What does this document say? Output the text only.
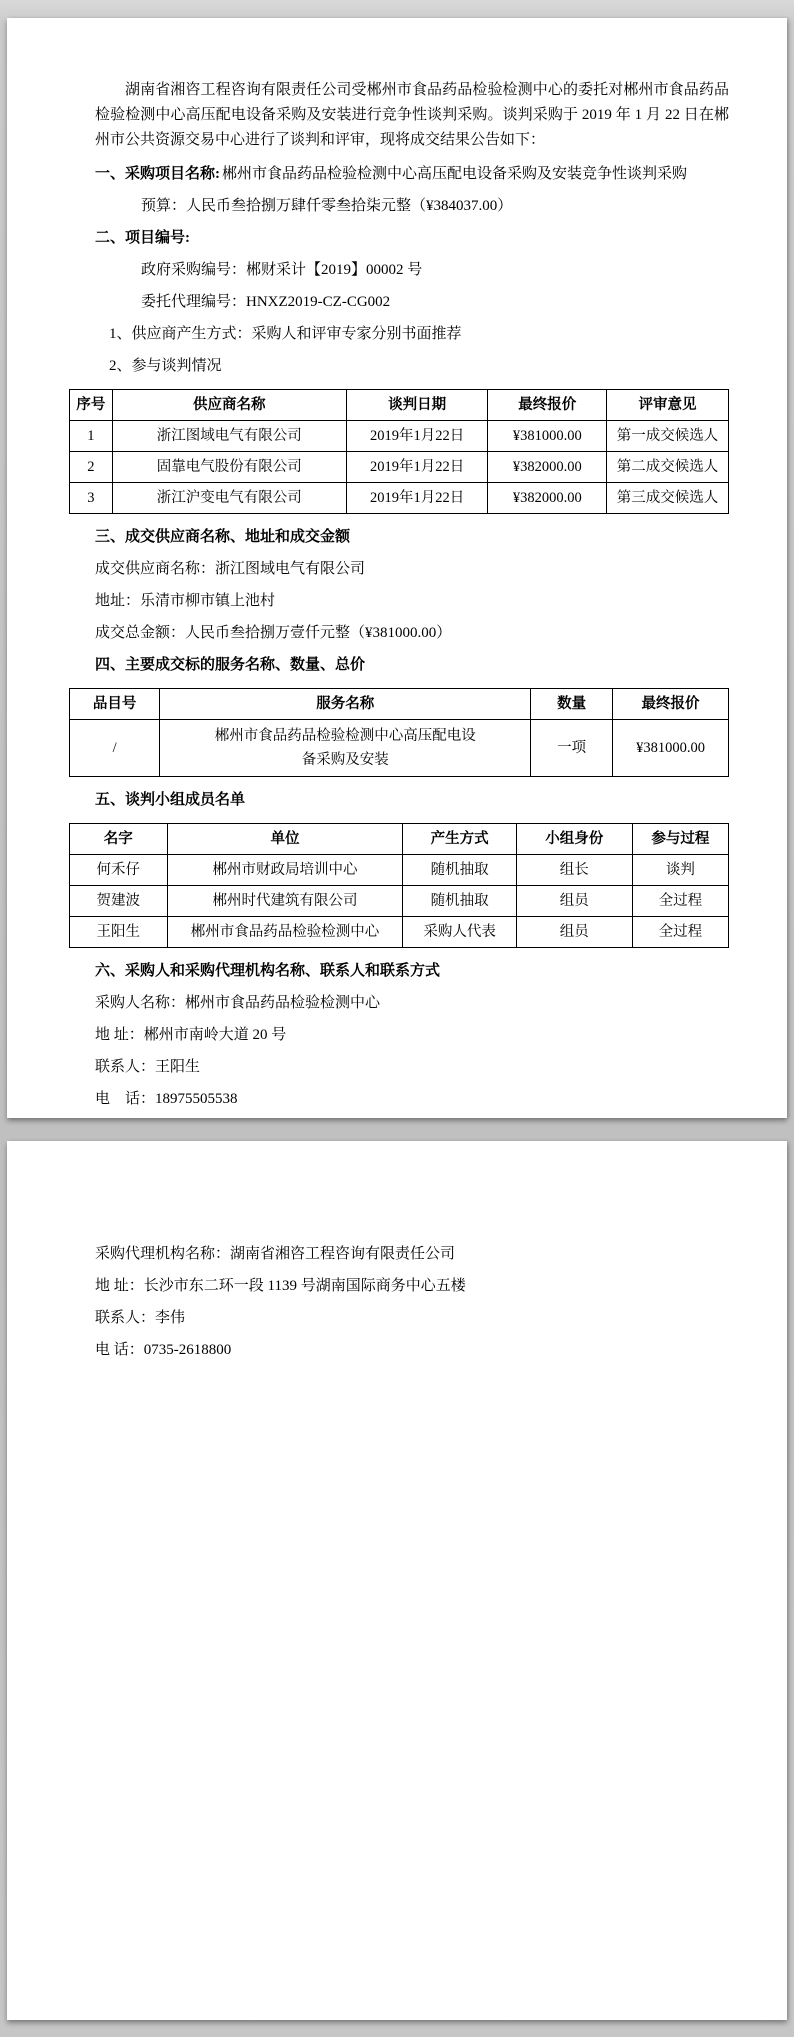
湖南省湘咨工程咨询有限责任公司受郴州市食品药品检验检测中心的委托对郴州市食品药品检验检测中心高压配电设备采购及安装进行竞争性谈判采购。谈判采购于 2019 年 1 月 22 日在郴州市公共资源交易中心进行了谈判和评审，现将成交结果公告如下：

一、采购项目名称: 郴州市食品药品检验检测中心高压配电设备采购及安装竞争性谈判采购

预算：人民币叁拾捌万肆仟零叁拾柒元整（¥384037.00）

二、项目编号:

政府采购编号：郴财采计【2019】00002 号

委托代理编号：HNXZ2019-CZ-CG002

1、供应商产生方式：采购人和评审专家分别书面推荐

2、参与谈判情况

序号	供应商名称	谈判日期	最终报价	评审意见
1	浙江图域电气有限公司	2019年1月22日	¥381000.00	第一成交候选人
2	固靠电气股份有限公司	2019年1月22日	¥382000.00	第二成交候选人
3	浙江沪变电气有限公司	2019年1月22日	¥382000.00	第三成交候选人

三、成交供应商名称、地址和成交金额

成交供应商名称：浙江图域电气有限公司

地址：乐清市柳市镇上池村

成交总金额：人民币叁拾捌万壹仟元整（¥381000.00）

四、主要成交标的服务名称、数量、总价

品目号	服务名称	数量	最终报价
/	郴州市食品药品检验检测中心高压配电设备采购及安装	一项	¥381000.00

五、谈判小组成员名单

名字	单位	产生方式	小组身份	参与过程
何禾仔	郴州市财政局培训中心	随机抽取	组长	谈判
贺建波	郴州时代建筑有限公司	随机抽取	组员	全过程
王阳生	郴州市食品药品检验检测中心	采购人代表	组员	全过程

六、采购人和采购代理机构名称、联系人和联系方式

采购人名称：郴州市食品药品检验检测中心

地 址：郴州市南岭大道 20 号

联系人：王阳生

电　话：18975505538

采购代理机构名称：湖南省湘咨工程咨询有限责任公司

地 址：长沙市东二环一段 1139 号湖南国际商务中心五楼

联系人：李伟

电 话：0735-2618800
